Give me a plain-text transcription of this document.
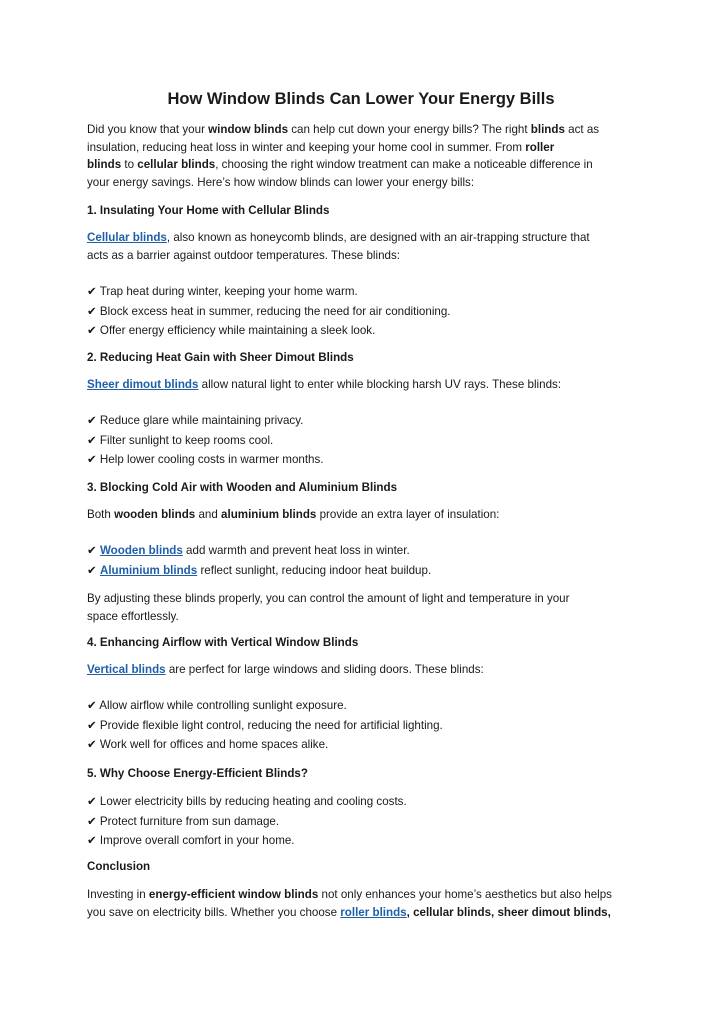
How Window Blinds Can Lower Your Energy Bills

Did you know that your window blinds can help cut down your energy bills? The right blinds act as
insulation, reducing heat loss in winter and keeping your home cool in summer. From roller
blinds to cellular blinds, choosing the right window treatment can make a noticeable difference in
your energy savings. Here’s how window blinds can lower your energy bills:

1. Insulating Your Home with Cellular Blinds

Cellular blinds, also known as honeycomb blinds, are designed with an air-trapping structure that
acts as a barrier against outdoor temperatures. These blinds:

✔ Trap heat during winter, keeping your home warm.
✔ Block excess heat in summer, reducing the need for air conditioning.
✔ Offer energy efficiency while maintaining a sleek look.

2. Reducing Heat Gain with Sheer Dimout Blinds

Sheer dimout blinds allow natural light to enter while blocking harsh UV rays. These blinds:

✔ Reduce glare while maintaining privacy.
✔ Filter sunlight to keep rooms cool.
✔ Help lower cooling costs in warmer months.

3. Blocking Cold Air with Wooden and Aluminium Blinds

Both wooden blinds and aluminium blinds provide an extra layer of insulation:

✔ Wooden blinds add warmth and prevent heat loss in winter.
✔ Aluminium blinds reflect sunlight, reducing indoor heat buildup.

By adjusting these blinds properly, you can control the amount of light and temperature in your
space effortlessly.

4. Enhancing Airflow with Vertical Window Blinds

Vertical blinds are perfect for large windows and sliding doors. These blinds:

✔ Allow airflow while controlling sunlight exposure.
✔ Provide flexible light control, reducing the need for artificial lighting.
✔ Work well for offices and home spaces alike.

5. Why Choose Energy-Efficient Blinds?

✔ Lower electricity bills by reducing heating and cooling costs.
✔ Protect furniture from sun damage.
✔ Improve overall comfort in your home.

Conclusion

Investing in energy-efficient window blinds not only enhances your home’s aesthetics but also helps
you save on electricity bills. Whether you choose roller blinds, cellular blinds, sheer dimout blinds,
